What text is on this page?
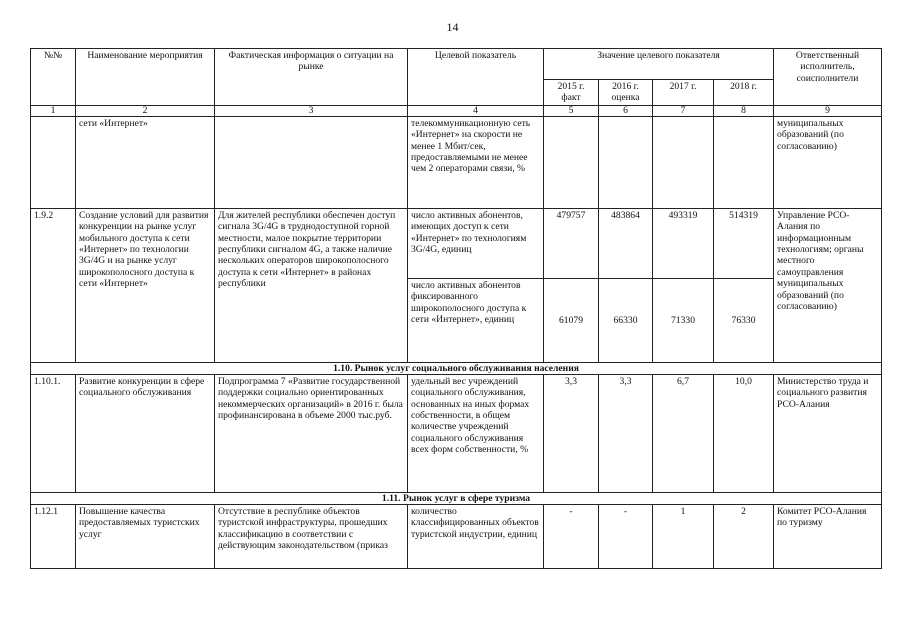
14
№№	Наименование мероприятия	Фактическая информация о ситуации на рынке	Целевой показатель	Значение целевого показателя				Ответственный исполнитель, соисполнители
				2015 г. факт	2016 г. оценка	2017 г.	2018 г.	
1	2	3	4	5	6	7	8	9
	сети «Интернет»		телекоммуникационную сеть «Интернет» на скорости не менее 1 Мбит/сек, предоставляемыми не менее чем 2 операторами связи, %					муниципальных образований (по согласованию)
1.9.2	Создание условий для развития конкуренции на рынке услуг мобильного доступа к сети «Интернет» по технологии 3G/4G и на рынке услуг широкополосного доступа к сети «Интернет»	Для жителей республики обеспечен доступ сигнала 3G/4G в труднодоступной горной местности, малое покрытие территории республики сигналом 4G, а также наличие нескольких операторов широкополосного доступа к сети «Интернет» в районах республики	число активных абонентов, имеющих доступ к сети «Интернет» по технологиям 3G/4G, единиц	479757	483864	493319	514319	Управление РСО-Алания по информационным технологиям; органы местного самоуправления муниципальных образований (по согласованию)
			число активных абонентов фиксированного широкополосного доступа к сети «Интернет», единиц	61079	66330	71330	76330	
1.10. Рынок услуг социального обслуживания населения								
1.10.1.	Развитие конкуренции в сфере социального обслуживания	Подпрограмма 7 «Развитие государственной поддержки социально ориентированных некоммерческих организаций» в 2016 г. была профинансирована в объеме 2000 тыс.руб.	удельный вес учреждений социального обслуживания, основанных на иных формах собственности, в общем количестве учреждений социального обслуживания всех форм собственности, %	3,3	3,3	6,7	10,0	Министерство труда и социального развития РСО-Алания
1.11. Рынок услуг в сфере туризма								
1.12.1	Повышение качества предоставляемых туристских услуг	Отсутствие в республике объектов туристской инфраструктуры, прошедших классификацию в соответствии с действующим законодательством (приказ	количество классифицированных объектов туристской индустрии, единиц	-	-	1	2	Комитет РСО-Алания по туризму
